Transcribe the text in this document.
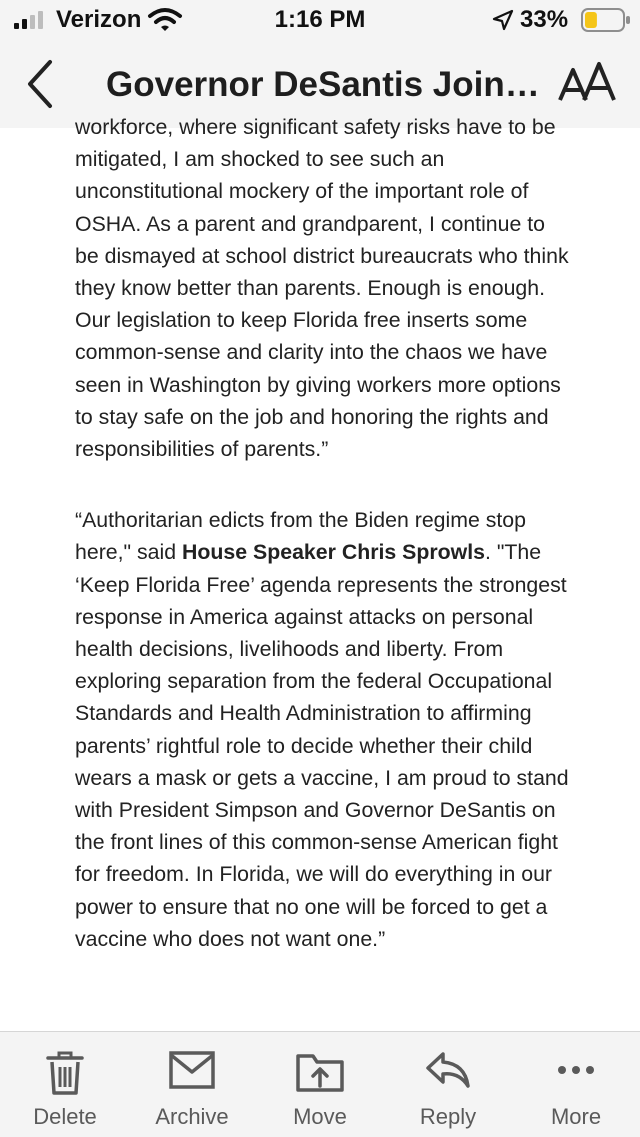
Verizon	1:16 PM	33%
Governor DeSantis Join…

workforce, where significant safety risks have to be mitigated, I am shocked to see such an unconstitutional mockery of the important role of OSHA. As a parent and grandparent, I continue to be dismayed at school district bureaucrats who think they know better than parents. Enough is enough. Our legislation to keep Florida free inserts some common-sense and clarity into the chaos we have seen in Washington by giving workers more options to stay safe on the job and honoring the rights and responsibilities of parents.”

“Authoritarian edicts from the Biden regime stop here," said House Speaker Chris Sprowls. "The ‘Keep Florida Free’ agenda represents the strongest response in America against attacks on personal health decisions, livelihoods and liberty. From exploring separation from the federal Occupational Standards and Health Administration to affirming parents’ rightful role to decide whether their child wears a mask or gets a vaccine, I am proud to stand with President Simpson and Governor DeSantis on the front lines of this common-sense American fight for freedom. In Florida, we will do everything in our power to ensure that no one will be forced to get a vaccine who does not want one.”

Delete	Archive	Move	Reply	More
